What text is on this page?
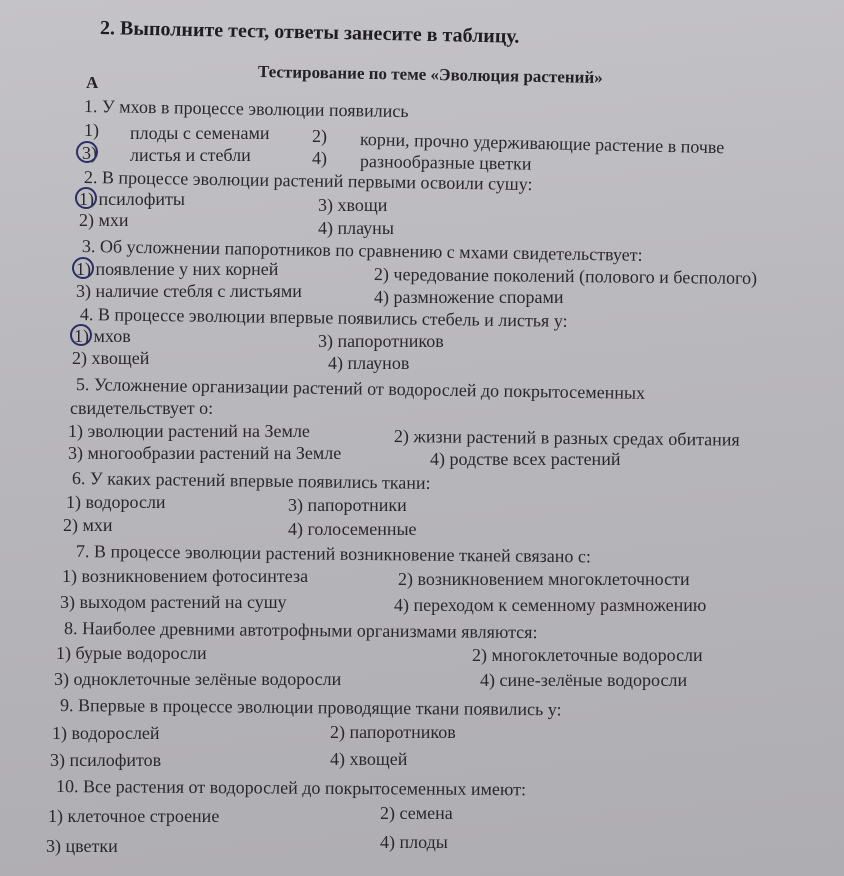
2. Выполните тест, ответы занесите в таблицу.
Тестирование по теме «Эволюция растений»
А
1. У мхов в процессе эволюции появились
1) плоды с семенами 2) корни, прочно удерживающие растение в почве
3) листья и стебли	4) разнообразные цветки
2. В процессе эволюции растений первыми освоили сушу:
1) псилофиты	3) хвощи
2) мхи	4) плауны
3. Об усложнении папоротников по сравнению с мхами свидетельствует:
1) появление у них корней	2) чередование поколений (полового и бесполого)
3) наличие стебля с листьями	4) размножение спорами
4. В процессе эволюции впервые появились стебель и листья у:
1) мхов	3) папоротников
2) хвощей	4) плаунов
5. Усложнение организации растений от водорослей до покрытосеменных
свидетельствует о:
1) эволюции растений на Земле	2) жизни растений в разных средах обитания
3) многообразии растений на Земле	4) родстве всех растений
6. У каких растений впервые появились ткани:
1) водоросли	3) папоротники
2) мхи	4) голосеменные
7. В процессе эволюции растений возникновение тканей связано с:
1) возникновением фотосинтеза	2) возникновением многоклеточности
3) выходом растений на сушу	4) переходом к семенному размножению
8. Наиболее древними автотрофными организмами являются:
1) бурые водоросли	2) многоклеточные водоросли
3) одноклеточные зелёные водоросли	4) сине-зелёные водоросли
9. Впервые в процессе эволюции проводящие ткани появились у:
1) водорослей	2) папоротников
3) псилофитов	4) хвощей
10. Все растения от водорослей до покрытосеменных имеют:
1) клеточное строение	2) семена
3) цветки	4) плоды
